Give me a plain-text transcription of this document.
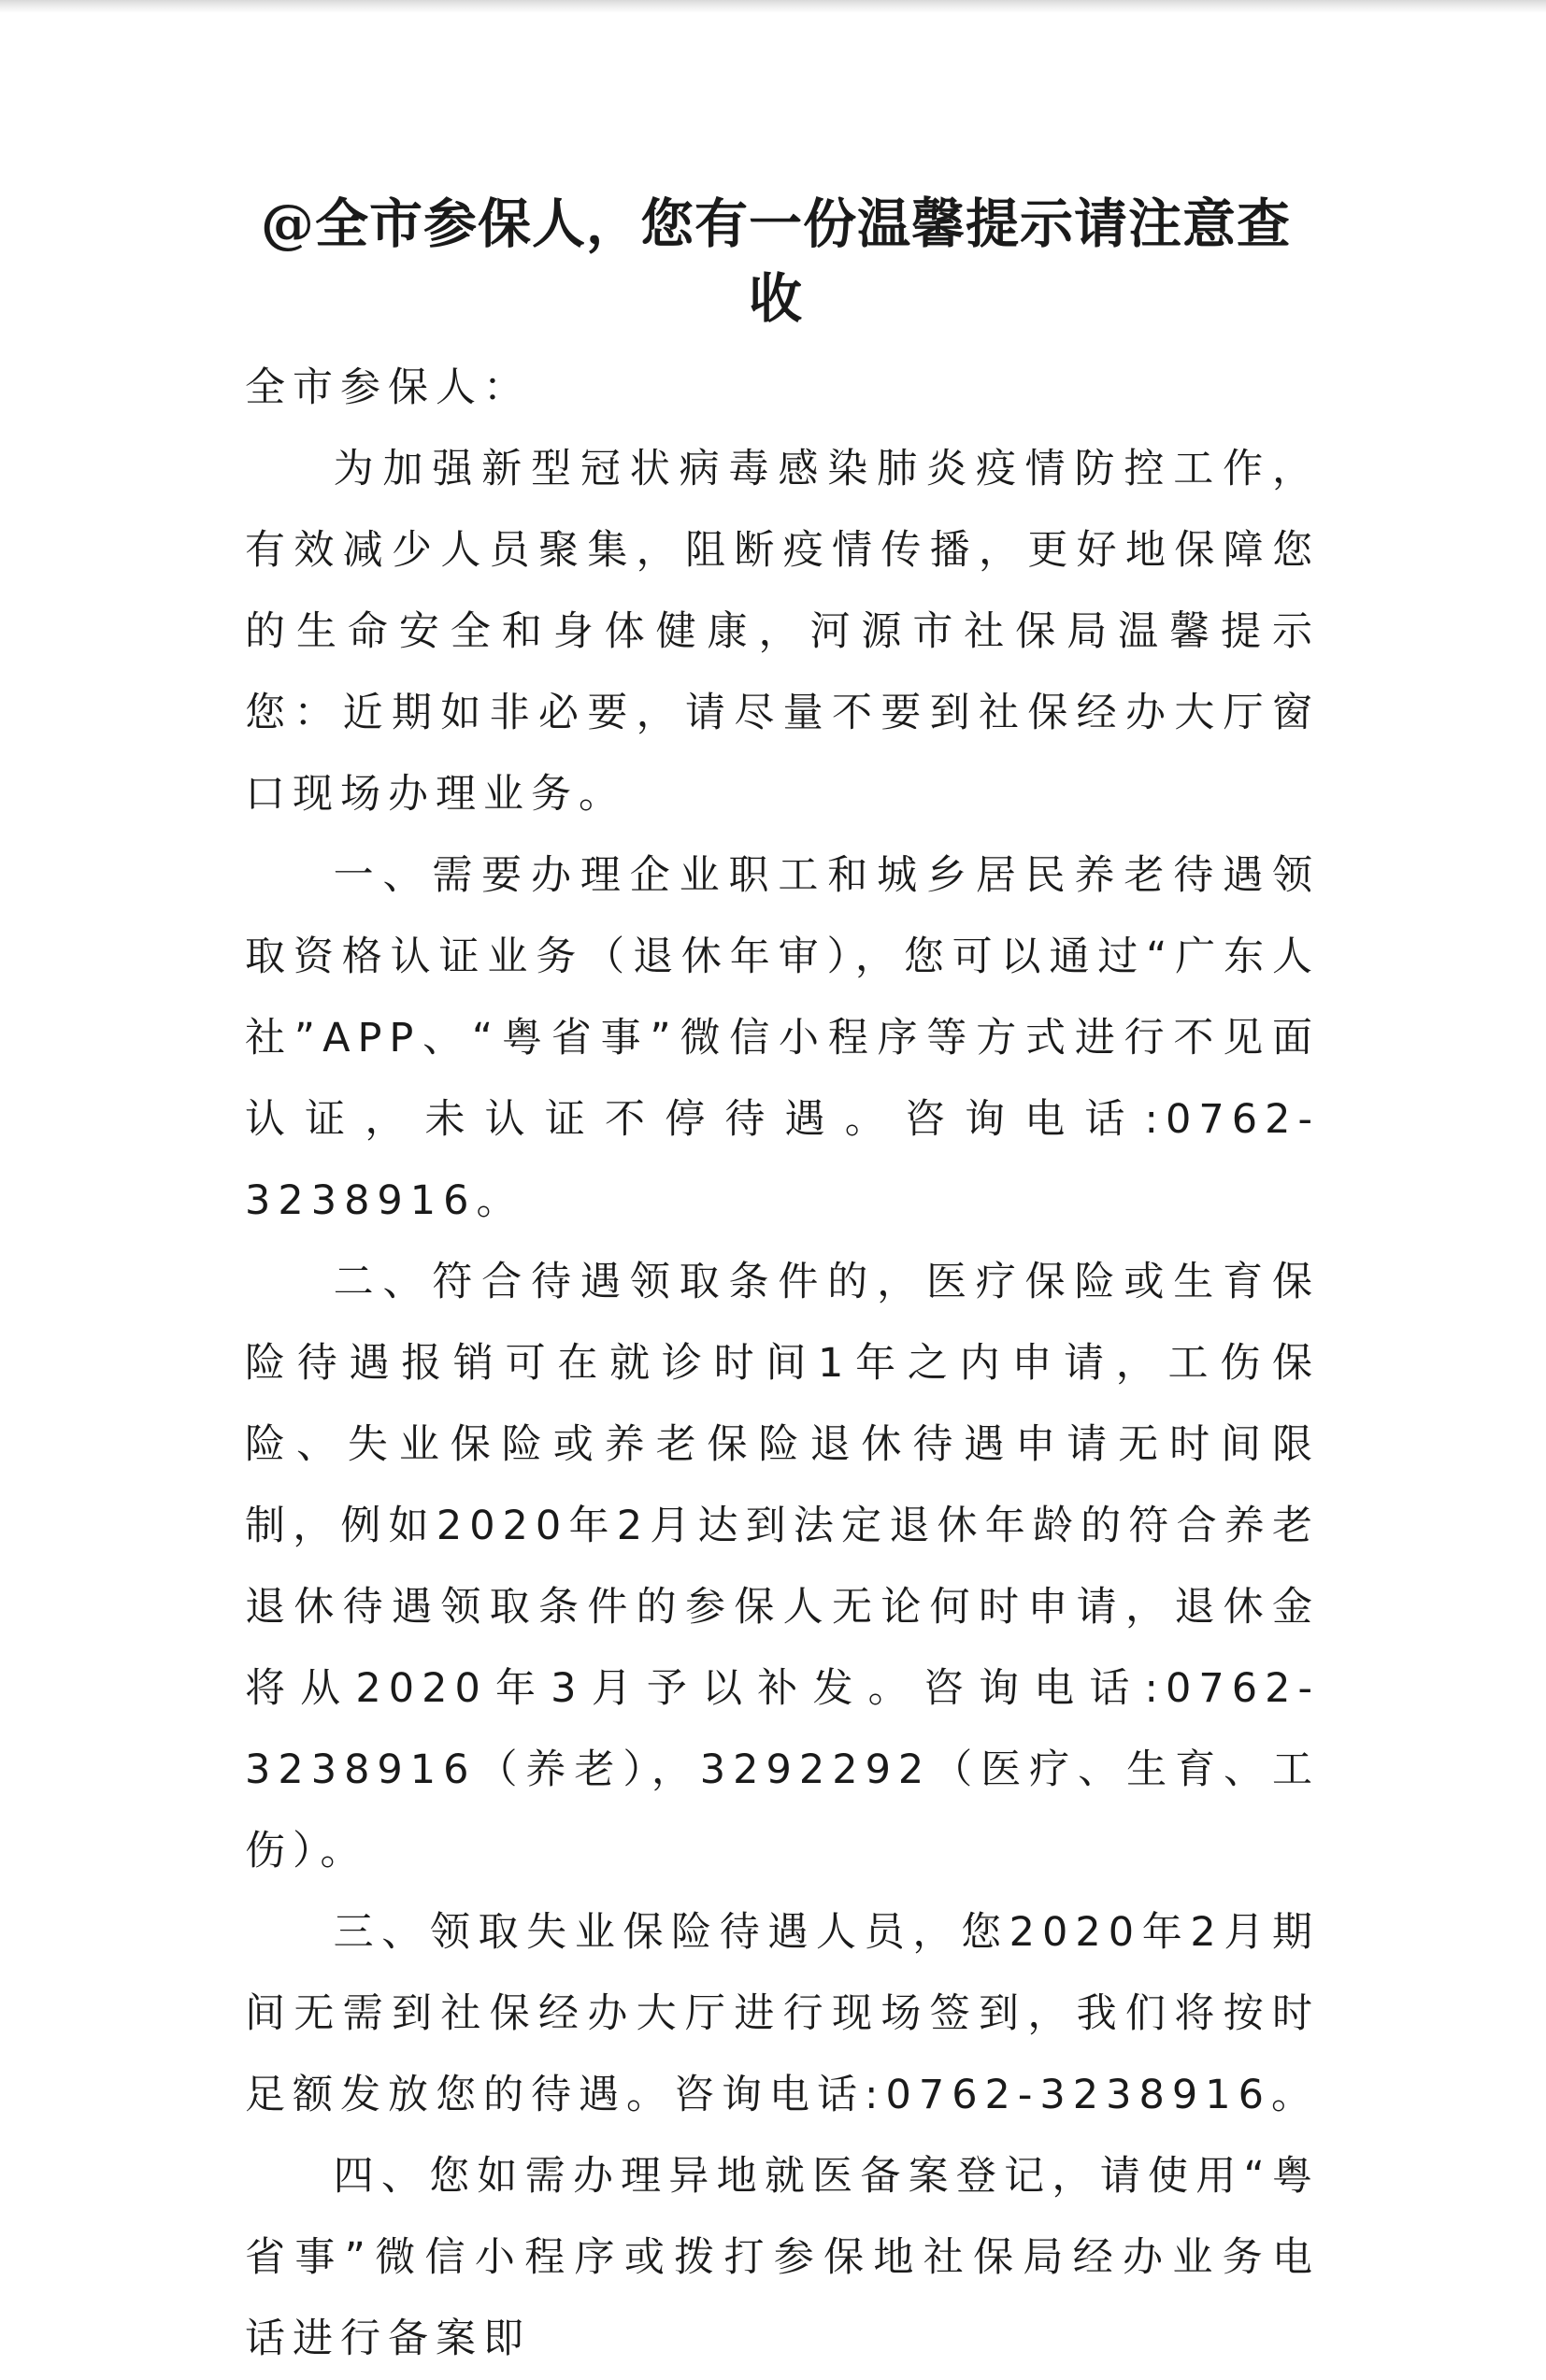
@全市参保人，您有一份温馨提示请注意查收

全市参保人：

为加强新型冠状病毒感染肺炎疫情防控工作，有效减少人员聚集，阻断疫情传播，更好地保障您的生命安全和身体健康，河源市社保局温馨提示您：近期如非必要，请尽量不要到社保经办大厅窗口现场办理业务。

一、需要办理企业职工和城乡居民养老待遇领取资格认证业务（退休年审），您可以通过“广东人社”APP、“粤省事”微信小程序等方式进行不见面认证，未认证不停待遇。咨询电话:0762-3238916。

二、符合待遇领取条件的，医疗保险或生育保险待遇报销可在就诊时间1年之内申请，工伤保险、失业保险或养老保险退休待遇申请无时间限制，例如2020年2月达到法定退休年龄的符合养老退休待遇领取条件的参保人无论何时申请，退休金将从2020年3月予以补发。咨询电话:0762-3238916（养老），3292292（医疗、生育、工伤）。

三、领取失业保险待遇人员，您2020年2月期间无需到社保经办大厅进行现场签到，我们将按时足额发放您的待遇。咨询电话:0762-3238916。

四、您如需办理异地就医备案登记，请使用“粤省事”微信小程序或拨打参保地社保局经办业务电话进行备案即
